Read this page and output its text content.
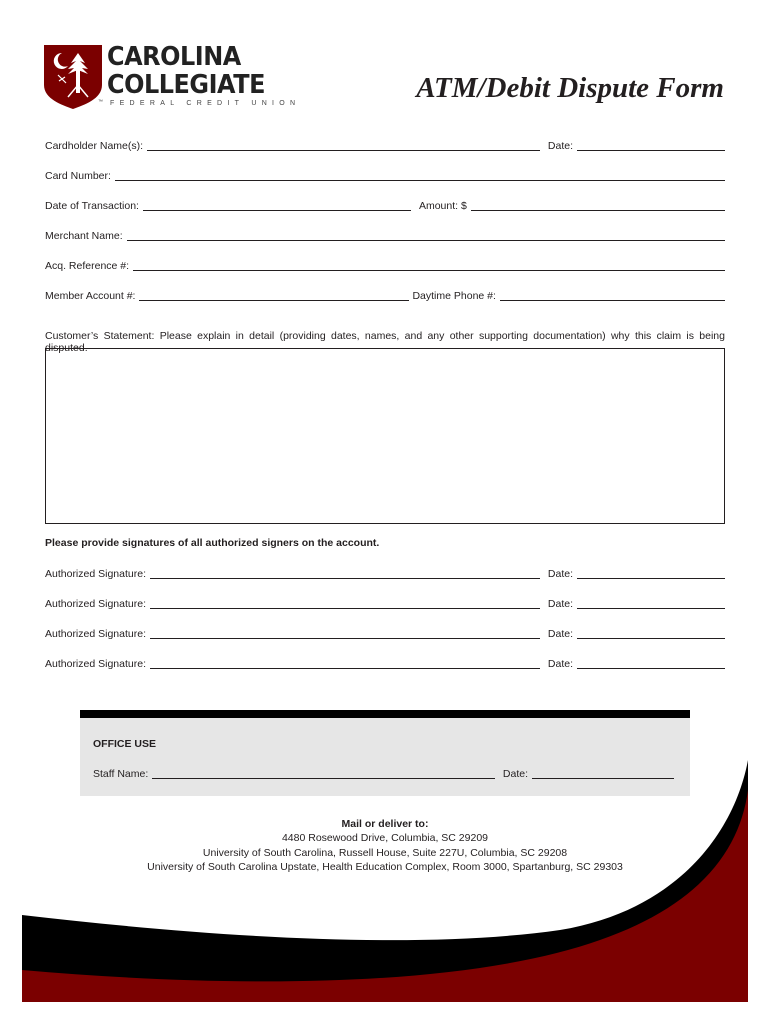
CAROLINA
COLLEGIATE
FEDERAL CREDIT UNION
™	ATM/Debit Dispute Form
Cardholder Name(s):	Date:
Card Number:
Date of Transaction:	Amount: $
Merchant Name:
Acq. Reference #:
Member Account #:	Daytime Phone #:
Customer’s Statement: Please explain in detail (providing dates, names, and any other supporting documentation) why this claim is being disputed.
Please provide signatures of all authorized signers on the account.
Authorized Signature:	Date:
Authorized Signature:	Date:
Authorized Signature:	Date:
Authorized Signature:	Date:
OFFICE USE
Staff Name:	Date:
Mail or deliver to:
4480 Rosewood Drive, Columbia, SC 29209
University of South Carolina, Russell House, Suite 227U, Columbia, SC 29208
University of South Carolina Upstate, Health Education Complex, Room 3000, Spartanburg, SC 29303
